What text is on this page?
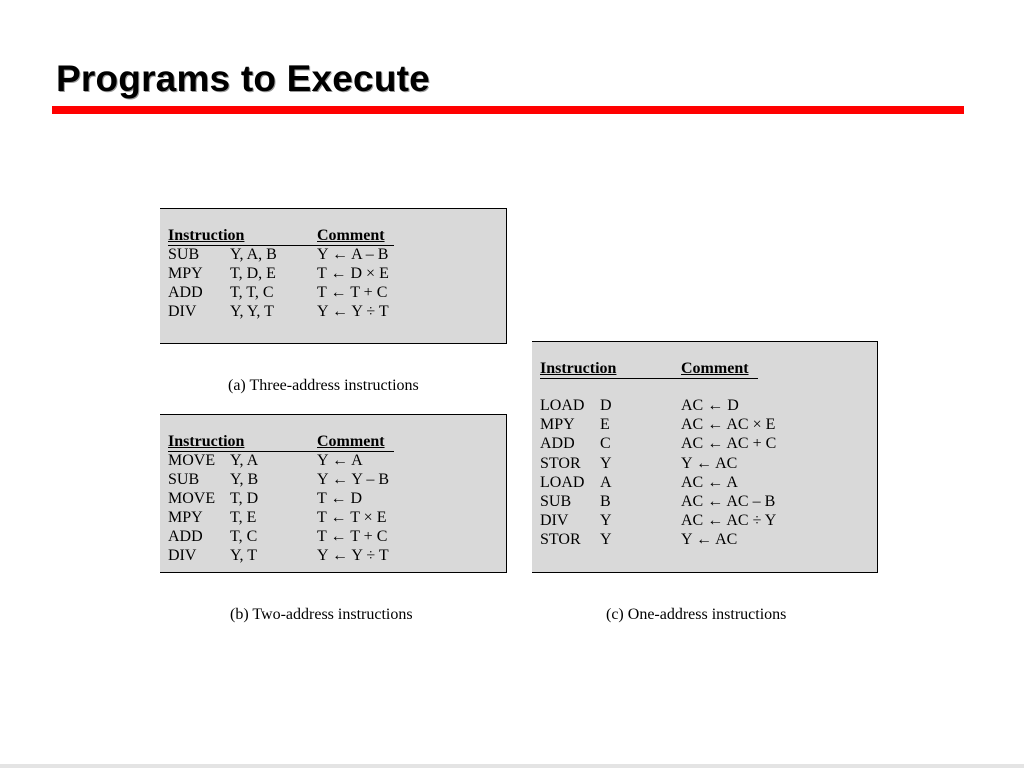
Programs to Execute
Instruction	Comment
SUB Y, A, B	Y ← A – B
MPY T, D, E	T ← D × E
ADD T, T, C	T ← T + C
DIV Y, Y, T	Y ← Y ÷ T
(a) Three-address instructions
Instruction	Comment
MOVE Y, A	Y ← A
SUB Y, B	Y ← Y – B
MOVE T, D	T ← D
MPY T, E	T ← T × E
ADD T, C	T ← T + C
DIV Y, T	Y ← Y ÷ T
(b) Two-address instructions
Instruction	Comment
LOAD D	AC ← D
MPY E	AC ← AC × E
ADD C	AC ← AC + C
STOR Y	Y ← AC
LOAD A	AC ← A
SUB B	AC ← AC – B
DIV Y	AC ← AC ÷ Y
STOR Y	Y ← AC
(c) One-address instructions
